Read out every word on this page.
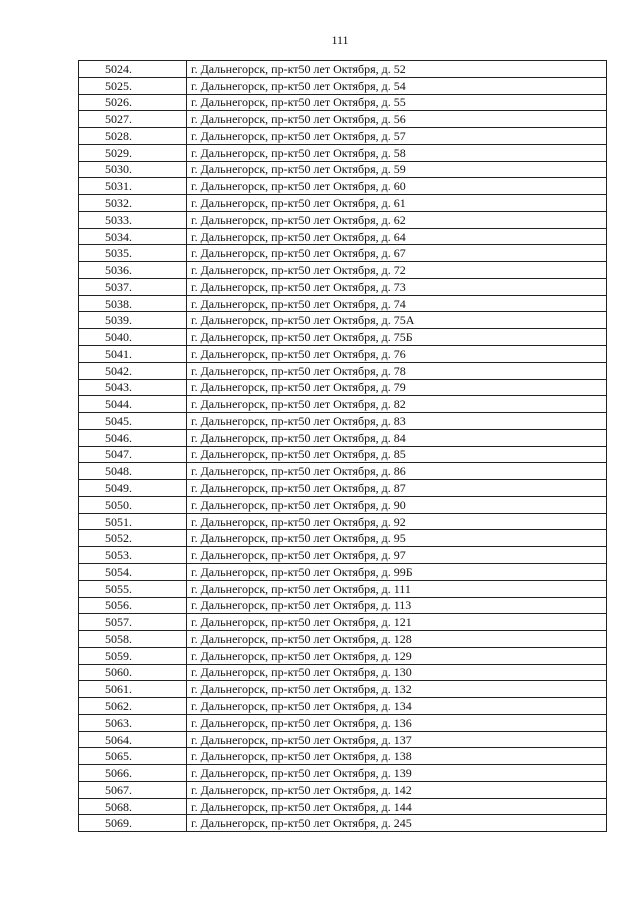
111
5024.	г. Дальнегорск, пр-кт50 лет Октября, д. 52
5025.	г. Дальнегорск, пр-кт50 лет Октября, д. 54
5026.	г. Дальнегорск, пр-кт50 лет Октября, д. 55
5027.	г. Дальнегорск, пр-кт50 лет Октября, д. 56
5028.	г. Дальнегорск, пр-кт50 лет Октября, д. 57
5029.	г. Дальнегорск, пр-кт50 лет Октября, д. 58
5030.	г. Дальнегорск, пр-кт50 лет Октября, д. 59
5031.	г. Дальнегорск, пр-кт50 лет Октября, д. 60
5032.	г. Дальнегорск, пр-кт50 лет Октября, д. 61
5033.	г. Дальнегорск, пр-кт50 лет Октября, д. 62
5034.	г. Дальнегорск, пр-кт50 лет Октября, д. 64
5035.	г. Дальнегорск, пр-кт50 лет Октября, д. 67
5036.	г. Дальнегорск, пр-кт50 лет Октября, д. 72
5037.	г. Дальнегорск, пр-кт50 лет Октября, д. 73
5038.	г. Дальнегорск, пр-кт50 лет Октября, д. 74
5039.	г. Дальнегорск, пр-кт50 лет Октября, д. 75А
5040.	г. Дальнегорск, пр-кт50 лет Октября, д. 75Б
5041.	г. Дальнегорск, пр-кт50 лет Октября, д. 76
5042.	г. Дальнегорск, пр-кт50 лет Октября, д. 78
5043.	г. Дальнегорск, пр-кт50 лет Октября, д. 79
5044.	г. Дальнегорск, пр-кт50 лет Октября, д. 82
5045.	г. Дальнегорск, пр-кт50 лет Октября, д. 83
5046.	г. Дальнегорск, пр-кт50 лет Октября, д. 84
5047.	г. Дальнегорск, пр-кт50 лет Октября, д. 85
5048.	г. Дальнегорск, пр-кт50 лет Октября, д. 86
5049.	г. Дальнегорск, пр-кт50 лет Октября, д. 87
5050.	г. Дальнегорск, пр-кт50 лет Октября, д. 90
5051.	г. Дальнегорск, пр-кт50 лет Октября, д. 92
5052.	г. Дальнегорск, пр-кт50 лет Октября, д. 95
5053.	г. Дальнегорск, пр-кт50 лет Октября, д. 97
5054.	г. Дальнегорск, пр-кт50 лет Октября, д. 99Б
5055.	г. Дальнегорск, пр-кт50 лет Октября, д. 111
5056.	г. Дальнегорск, пр-кт50 лет Октября, д. 113
5057.	г. Дальнегорск, пр-кт50 лет Октября, д. 121
5058.	г. Дальнегорск, пр-кт50 лет Октября, д. 128
5059.	г. Дальнегорск, пр-кт50 лет Октября, д. 129
5060.	г. Дальнегорск, пр-кт50 лет Октября, д. 130
5061.	г. Дальнегорск, пр-кт50 лет Октября, д. 132
5062.	г. Дальнегорск, пр-кт50 лет Октября, д. 134
5063.	г. Дальнегорск, пр-кт50 лет Октября, д. 136
5064.	г. Дальнегорск, пр-кт50 лет Октября, д. 137
5065.	г. Дальнегорск, пр-кт50 лет Октября, д. 138
5066.	г. Дальнегорск, пр-кт50 лет Октября, д. 139
5067.	г. Дальнегорск, пр-кт50 лет Октября, д. 142
5068.	г. Дальнегорск, пр-кт50 лет Октября, д. 144
5069.	г. Дальнегорск, пр-кт50 лет Октября, д. 245
